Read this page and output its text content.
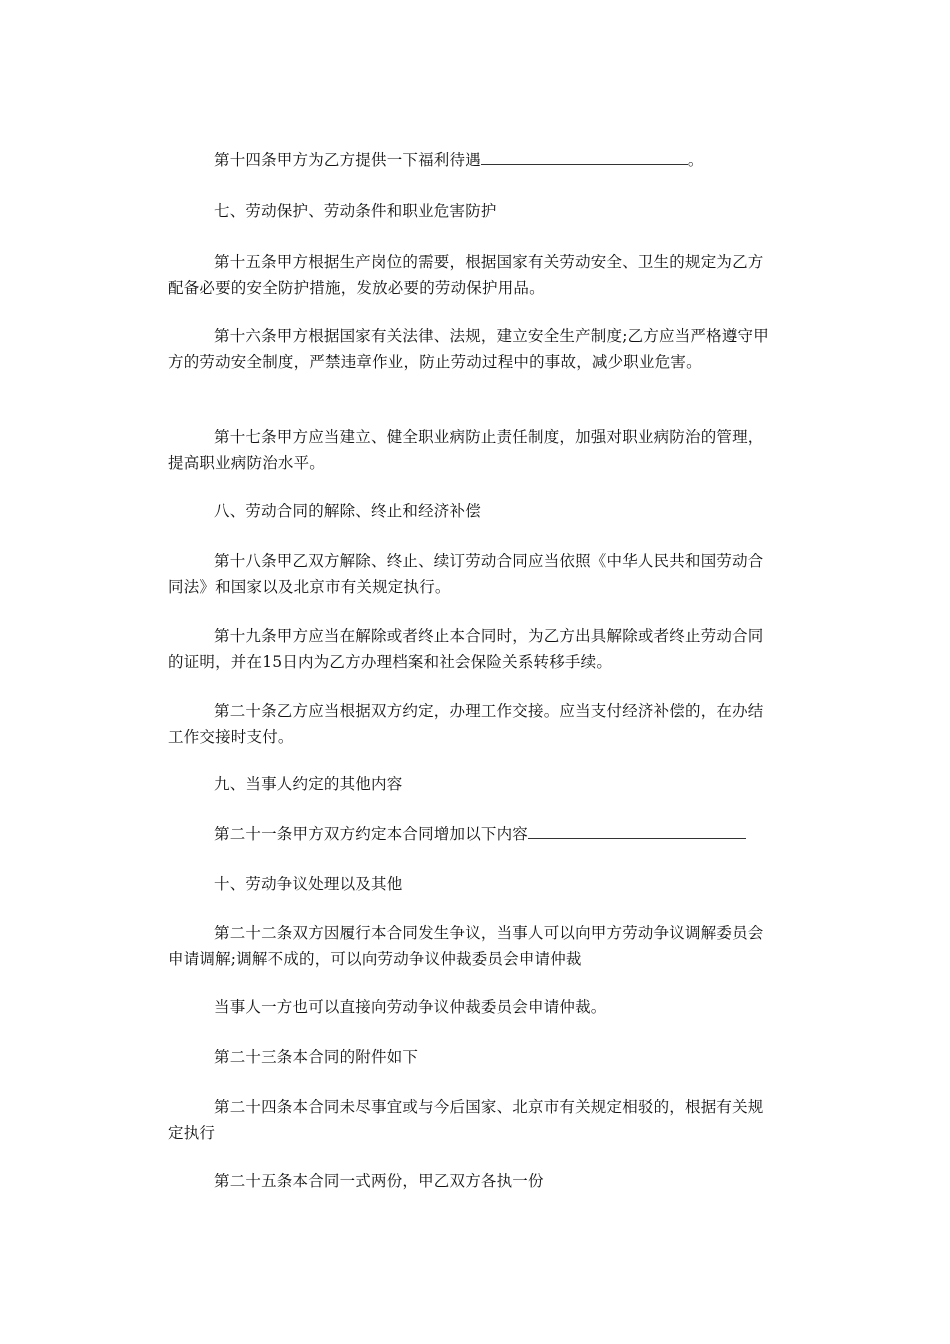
第十四条甲方为乙方提供一下福利待遇	。

七、劳动保护、劳动条件和职业危害防护

第十五条甲方根据生产岗位的需要，根据国家有关劳动安全、卫生的规定为乙方配备必要的安全防护措施，发放必要的劳动保护用品。

第十六条甲方根据国家有关法律、法规，建立安全生产制度;乙方应当严格遵守甲方的劳动安全制度，严禁违章作业，防止劳动过程中的事故，减少职业危害。

第十七条甲方应当建立、健全职业病防止责任制度，加强对职业病防治的管理，提高职业病防治水平。

八、劳动合同的解除、终止和经济补偿

第十八条甲乙双方解除、终止、续订劳动合同应当依照《中华人民共和国劳动合同法》和国家以及北京市有关规定执行。

第十九条甲方应当在解除或者终止本合同时，为乙方出具解除或者终止劳动合同的证明，并在15日内为乙方办理档案和社会保险关系转移手续。

第二十条乙方应当根据双方约定，办理工作交接。应当支付经济补偿的，在办结工作交接时支付。

九、当事人约定的其他内容

第二十一条甲方双方约定本合同增加以下内容

十、劳动争议处理以及其他

第二十二条双方因履行本合同发生争议，当事人可以向甲方劳动争议调解委员会申请调解;调解不成的，可以向劳动争议仲裁委员会申请仲裁

当事人一方也可以直接向劳动争议仲裁委员会申请仲裁。

第二十三条本合同的附件如下

第二十四条本合同未尽事宜或与今后国家、北京市有关规定相驳的，根据有关规定执行

第二十五条本合同一式两份，甲乙双方各执一份
